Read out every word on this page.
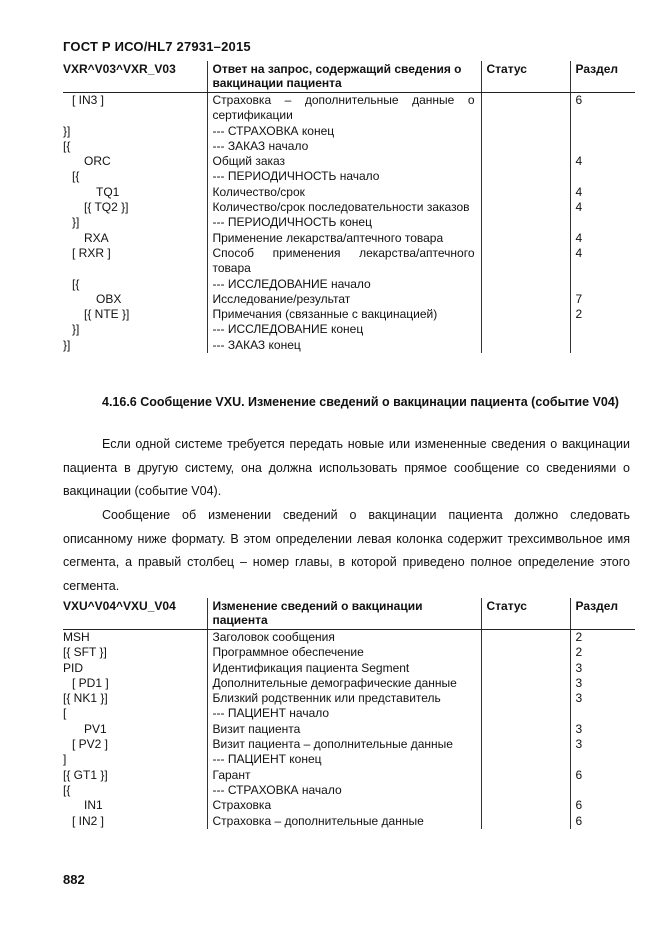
ГОСТ Р ИСО/HL7 27931–2015
VXR^V03^VXR_V03	Ответ на запрос, содержащий сведения о вакцинации пациента	Статус	Раздел
[ IN3 ]	Страховка – дополнительные данные о сертификации		6
}]	--- СТРАХОВКА конец		
[{	--- ЗАКАЗ начало		
ORC	Общий заказ		4
[{	--- ПЕРИОДИЧНОСТЬ начало		
TQ1	Количество/срок		4
[{ TQ2 }]	Количество/срок последовательности заказов		4
}]	--- ПЕРИОДИЧНОСТЬ конец		
RXA	Применение лекарства/аптечного товара		4
[ RXR ]	Способ применения лекарства/аптечного товара		4
[{	--- ИССЛЕДОВАНИЕ начало		
OBX	Исследование/результат		7
[{ NTE }]	Примечания (связанные с вакцинацией)		2
}]	--- ИССЛЕДОВАНИЕ конец		
}]	--- ЗАКАЗ конец		
4.16.6 Сообщение VXU. Изменение сведений о вакцинации пациента (событие V04)

Если одной системе требуется передать новые или измененные сведения о вакцинации пациента в другую систему, она должна использовать прямое сообщение со сведениями о вакцинации (событие V04).

Сообщение об изменении сведений о вакцинации пациента должно следовать описанному ниже формату. В этом определении левая колонка содержит трехсимвольное имя сегмента, а правый столбец – номер главы, в которой приведено полное определение этого сегмента.

VXU^V04^VXU_V04	Изменение сведений о вакцинации пациента	Статус	Раздел
MSH	Заголовок сообщения		2
[{ SFT }]	Программное обеспечение		2
PID	Идентификация пациента Segment		3
[ PD1 ]	Дополнительные демографические данные		3
[{ NK1 }]	Близкий родственник или представитель		3
[	--- ПАЦИЕНТ начало		
PV1	Визит пациента		3
[ PV2 ]	Визит пациента – дополнительные данные		3
]	--- ПАЦИЕНТ конец		
[{ GT1 }]	Гарант		6
[{	--- СТРАХОВКА начало		
IN1	Страховка		6
[ IN2 ]	Страховка – дополнительные данные		6
882
